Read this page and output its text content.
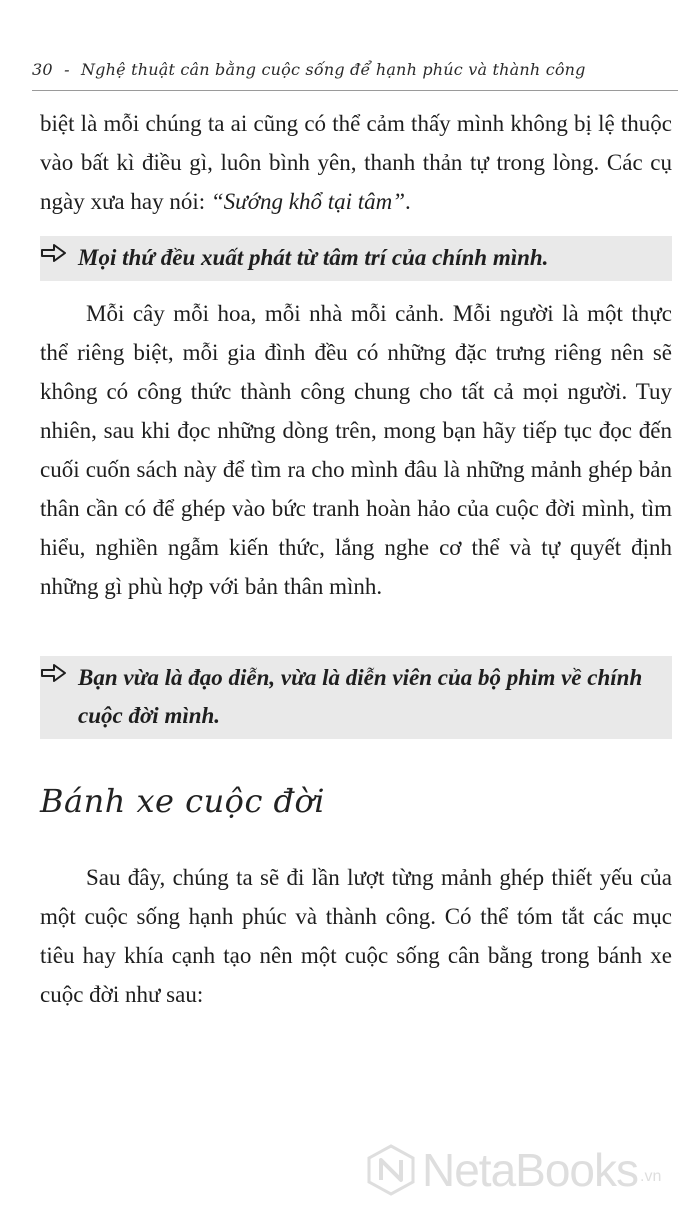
30 - Nghệ thuật cân bằng cuộc sống để hạnh phúc và thành công
biệt là mỗi chúng ta ai cũng có thể cảm thấy mình không bị lệ thuộc vào bất kì điều gì, luôn bình yên, thanh thản tự trong lòng. Các cụ ngày xưa hay nói: “Sướng khổ tại tâm”.
Mọi thứ đều xuất phát từ tâm trí của chính mình.
Mỗi cây mỗi hoa, mỗi nhà mỗi cảnh. Mỗi người là một thực thể riêng biệt, mỗi gia đình đều có những đặc trưng riêng nên sẽ không có công thức thành công chung cho tất cả mọi người. Tuy nhiên, sau khi đọc những dòng trên, mong bạn hãy tiếp tục đọc đến cuối cuốn sách này để tìm ra cho mình đâu là những mảnh ghép bản thân cần có để ghép vào bức tranh hoàn hảo của cuộc đời mình, tìm hiểu, nghiền ngẫm kiến thức, lắng nghe cơ thể và tự quyết định những gì phù hợp với bản thân mình.
Bạn vừa là đạo diễn, vừa là diễn viên của bộ phim về chính cuộc đời mình.
Bánh xe cuộc đời
Sau đây, chúng ta sẽ đi lần lượt từng mảnh ghép thiết yếu của một cuộc sống hạnh phúc và thành công. Có thể tóm tắt các mục tiêu hay khía cạnh tạo nên một cuộc sống cân bằng trong bánh xe cuộc đời như sau:
NetaBooks .vn
